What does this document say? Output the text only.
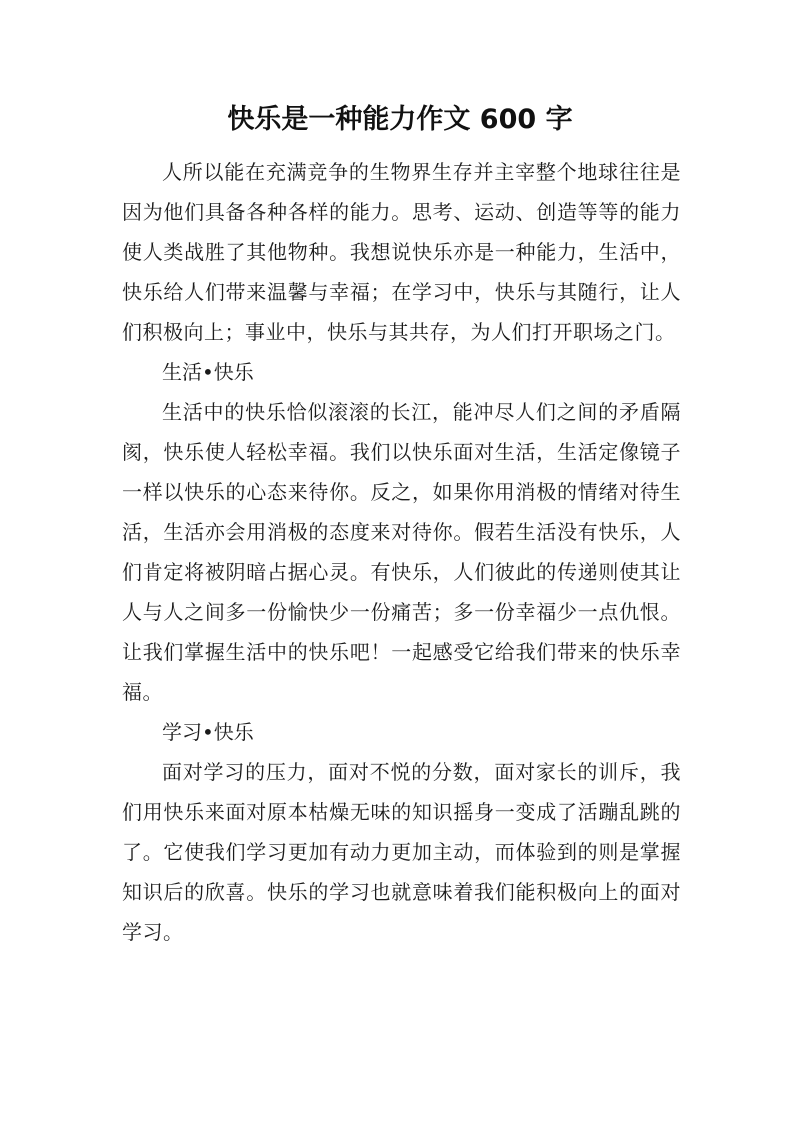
快乐是一种能力作文 600 字

人所以能在充满竞争的生物界生存并主宰整个地球往往是因为他们具备各种各样的能力。思考、运动、创造等等的能力使人类战胜了其他物种。我想说快乐亦是一种能力，生活中，快乐给人们带来温馨与幸福；在学习中，快乐与其随行，让人们积极向上；事业中，快乐与其共存，为人们打开职场之门。

生活•快乐

生活中的快乐恰似滚滚的长江，能冲尽人们之间的矛盾隔阂，快乐使人轻松幸福。我们以快乐面对生活，生活定像镜子一样以快乐的心态来待你。反之，如果你用消极的情绪对待生活，生活亦会用消极的态度来对待你。假若生活没有快乐，人们肯定将被阴暗占据心灵。有快乐，人们彼此的传递则使其让人与人之间多一份愉快少一份痛苦；多一份幸福少一点仇恨。让我们掌握生活中的快乐吧！一起感受它给我们带来的快乐幸福。

学习•快乐

面对学习的压力，面对不悦的分数，面对家长的训斥，我们用快乐来面对原本枯燥无味的知识摇身一变成了活蹦乱跳的了。它使我们学习更加有动力更加主动，而体验到的则是掌握知识后的欣喜。快乐的学习也就意味着我们能积极向上的面对学习。
